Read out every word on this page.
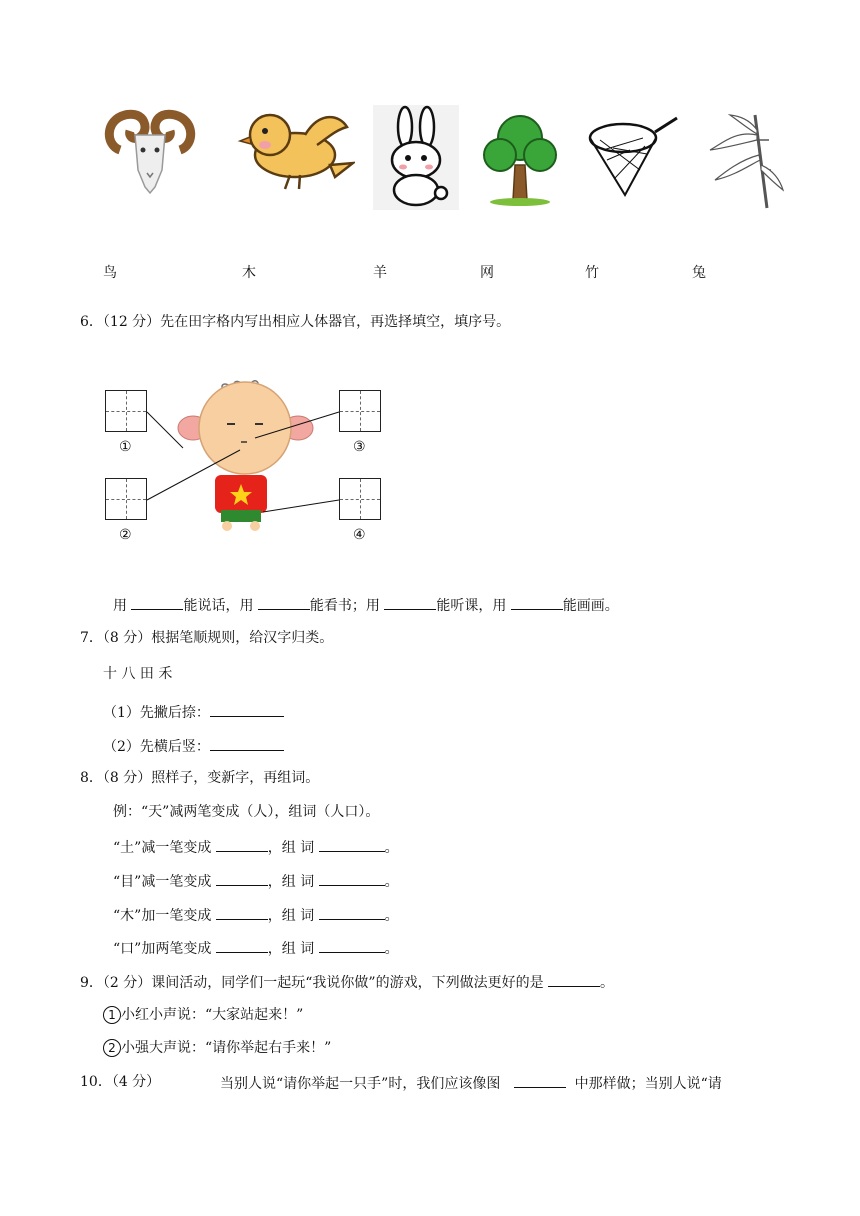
鸟	木	羊	网	竹	兔
6．（12 分）先在田字格内写出相应人体器官，再选择填空，填序号。
①
②
③
④
用	能说话，用	能看书；用	能听课，用	能画画。
7．（8 分）根据笔顺规则，给汉字归类。
十 八 田 禾
（1）先撇后捺：
（2）先横后竖：
8．（8 分）照样子，变新字，再组词。
例：“天”减两笔变成（人），组词（人口）。
“土”减一笔变成	，组 词	。
“目”减一笔变成	，组 词	。
“木”加一笔变成	，组 词	。
“口”加两笔变成	，组 词	。
9．（2 分）课间活动，同学们一起玩“我说你做”的游戏，下列做法更好的是	。
1 小红小声说：“大家站起来！”
2 小强大声说：“请你举起右手来！”
10．（4 分）	当别人说“请你举起一只手”时，我们应该像图	中那样做；当别人说“请
